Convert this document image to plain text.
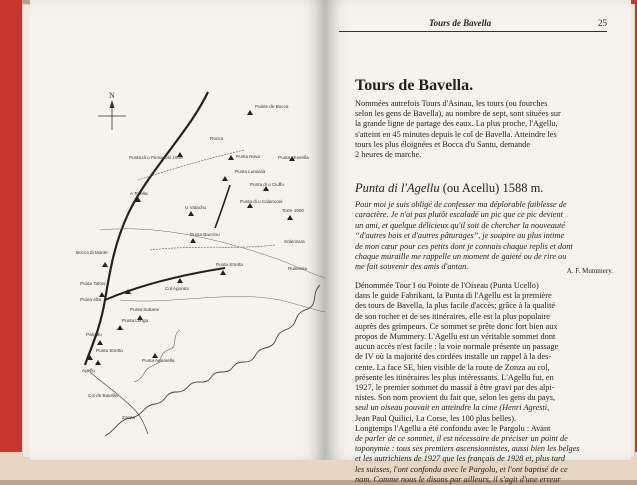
N
Pointe de Bocca
Punta di u Pinnacolo 1909	Punta Nova
Punta Lunarda
Punta Muvrella
Punta di u Ciuffu
Punta di u Calanconi
A Torella
U Vatachu
Torre 1900
Punta Baccinu
Bocca di Monte
Punta Tafoni
Punta Alta
Punta Suttane
Punta Longa
Col Agoratu
Punta Stretta
Pargolu
Agellu
Punta Stretta
Punta Aguarella
Col de Bavella
Zonza
Solenzara
Ruisseau
Rocca
Tours de Bavella	25
Tours de Bavella.
Nommées autrefois Tours d'Asinau, les tours (ou fourches
selon les gens de Bavella), au nombre de sept, sont situées sur
la grande ligne de partage des eaux. La plus proche, l'Agellu,
s'atteint en 45 minutes depuis le col de Bavella. Atteindre les
tours les plus éloignées et Bocca d'u Santu, demande
2 heures de marche.
Punta di l'Agellu (ou Acellu) 1588 m.
Pour moi je suis obligé de confesser ma déplorable faiblesse de
caractère. Je n'ai pas plutôt escaladé un pic que ce pic devient
un ami, et quelque délicieux qu'il soit de chercher la nouveauté
“d'autres bois et d'autres pâturages”, je soupire au plus intime
de mon cœur pour ces petits dont je connais chaque replis et dont
chaque muraille me rappelle un moment de gaieté ou de rire ou
me fait souvenir des amis d'antan.	A. F. Mummery.
Dénommée Tour I ou Pointe de l'Oiseau (Punta Ucello)
dans le guide Fabrikant, la Punta di l'Agellu est la première
des tours de Bavella, la plus facile d'accès; grâce à la qualité
de son rocher et de ses itinéraires, elle est la plus populaire
auprès des grimpeurs. Ce sommet se prête donc fort bien aux
propos de Mummery. L'Agellu est un véritable sommet dont
aucun accès n'est facile : la voie normale présente un passage
de IV où la majorité des cordées installe un rappel à la des-
cente. La face SE, bien visible de la route de Zonza au col,
présente les itinéraires les plus intéressants. L'Agellu fut, en
1927, le premier sommet du massif à être gravi par des alpi-
nistes. Son nom provient du fait que, selon les gens du pays,
seul un oiseau pouvait en atteindre la cime (Henri Agresti,
Jean Paul Quilici, La Corse, les 100 plus belles).
Longtemps l'Agellu a été confondu avec le Pargolu : Avant
de parler de ce sommet, il est nécessaire de préciser un point de
toponymie : tous ses premiers ascensionnistes, aussi bien les belges
et les autrichiens de 1927 que les français de 1928 et, plus tard
les suisses, l'ont confondu avec le Pargolu, et l'ont baptisé de ce
nom. Comme nous le disons par ailleurs, il s'agit d'une erreur
